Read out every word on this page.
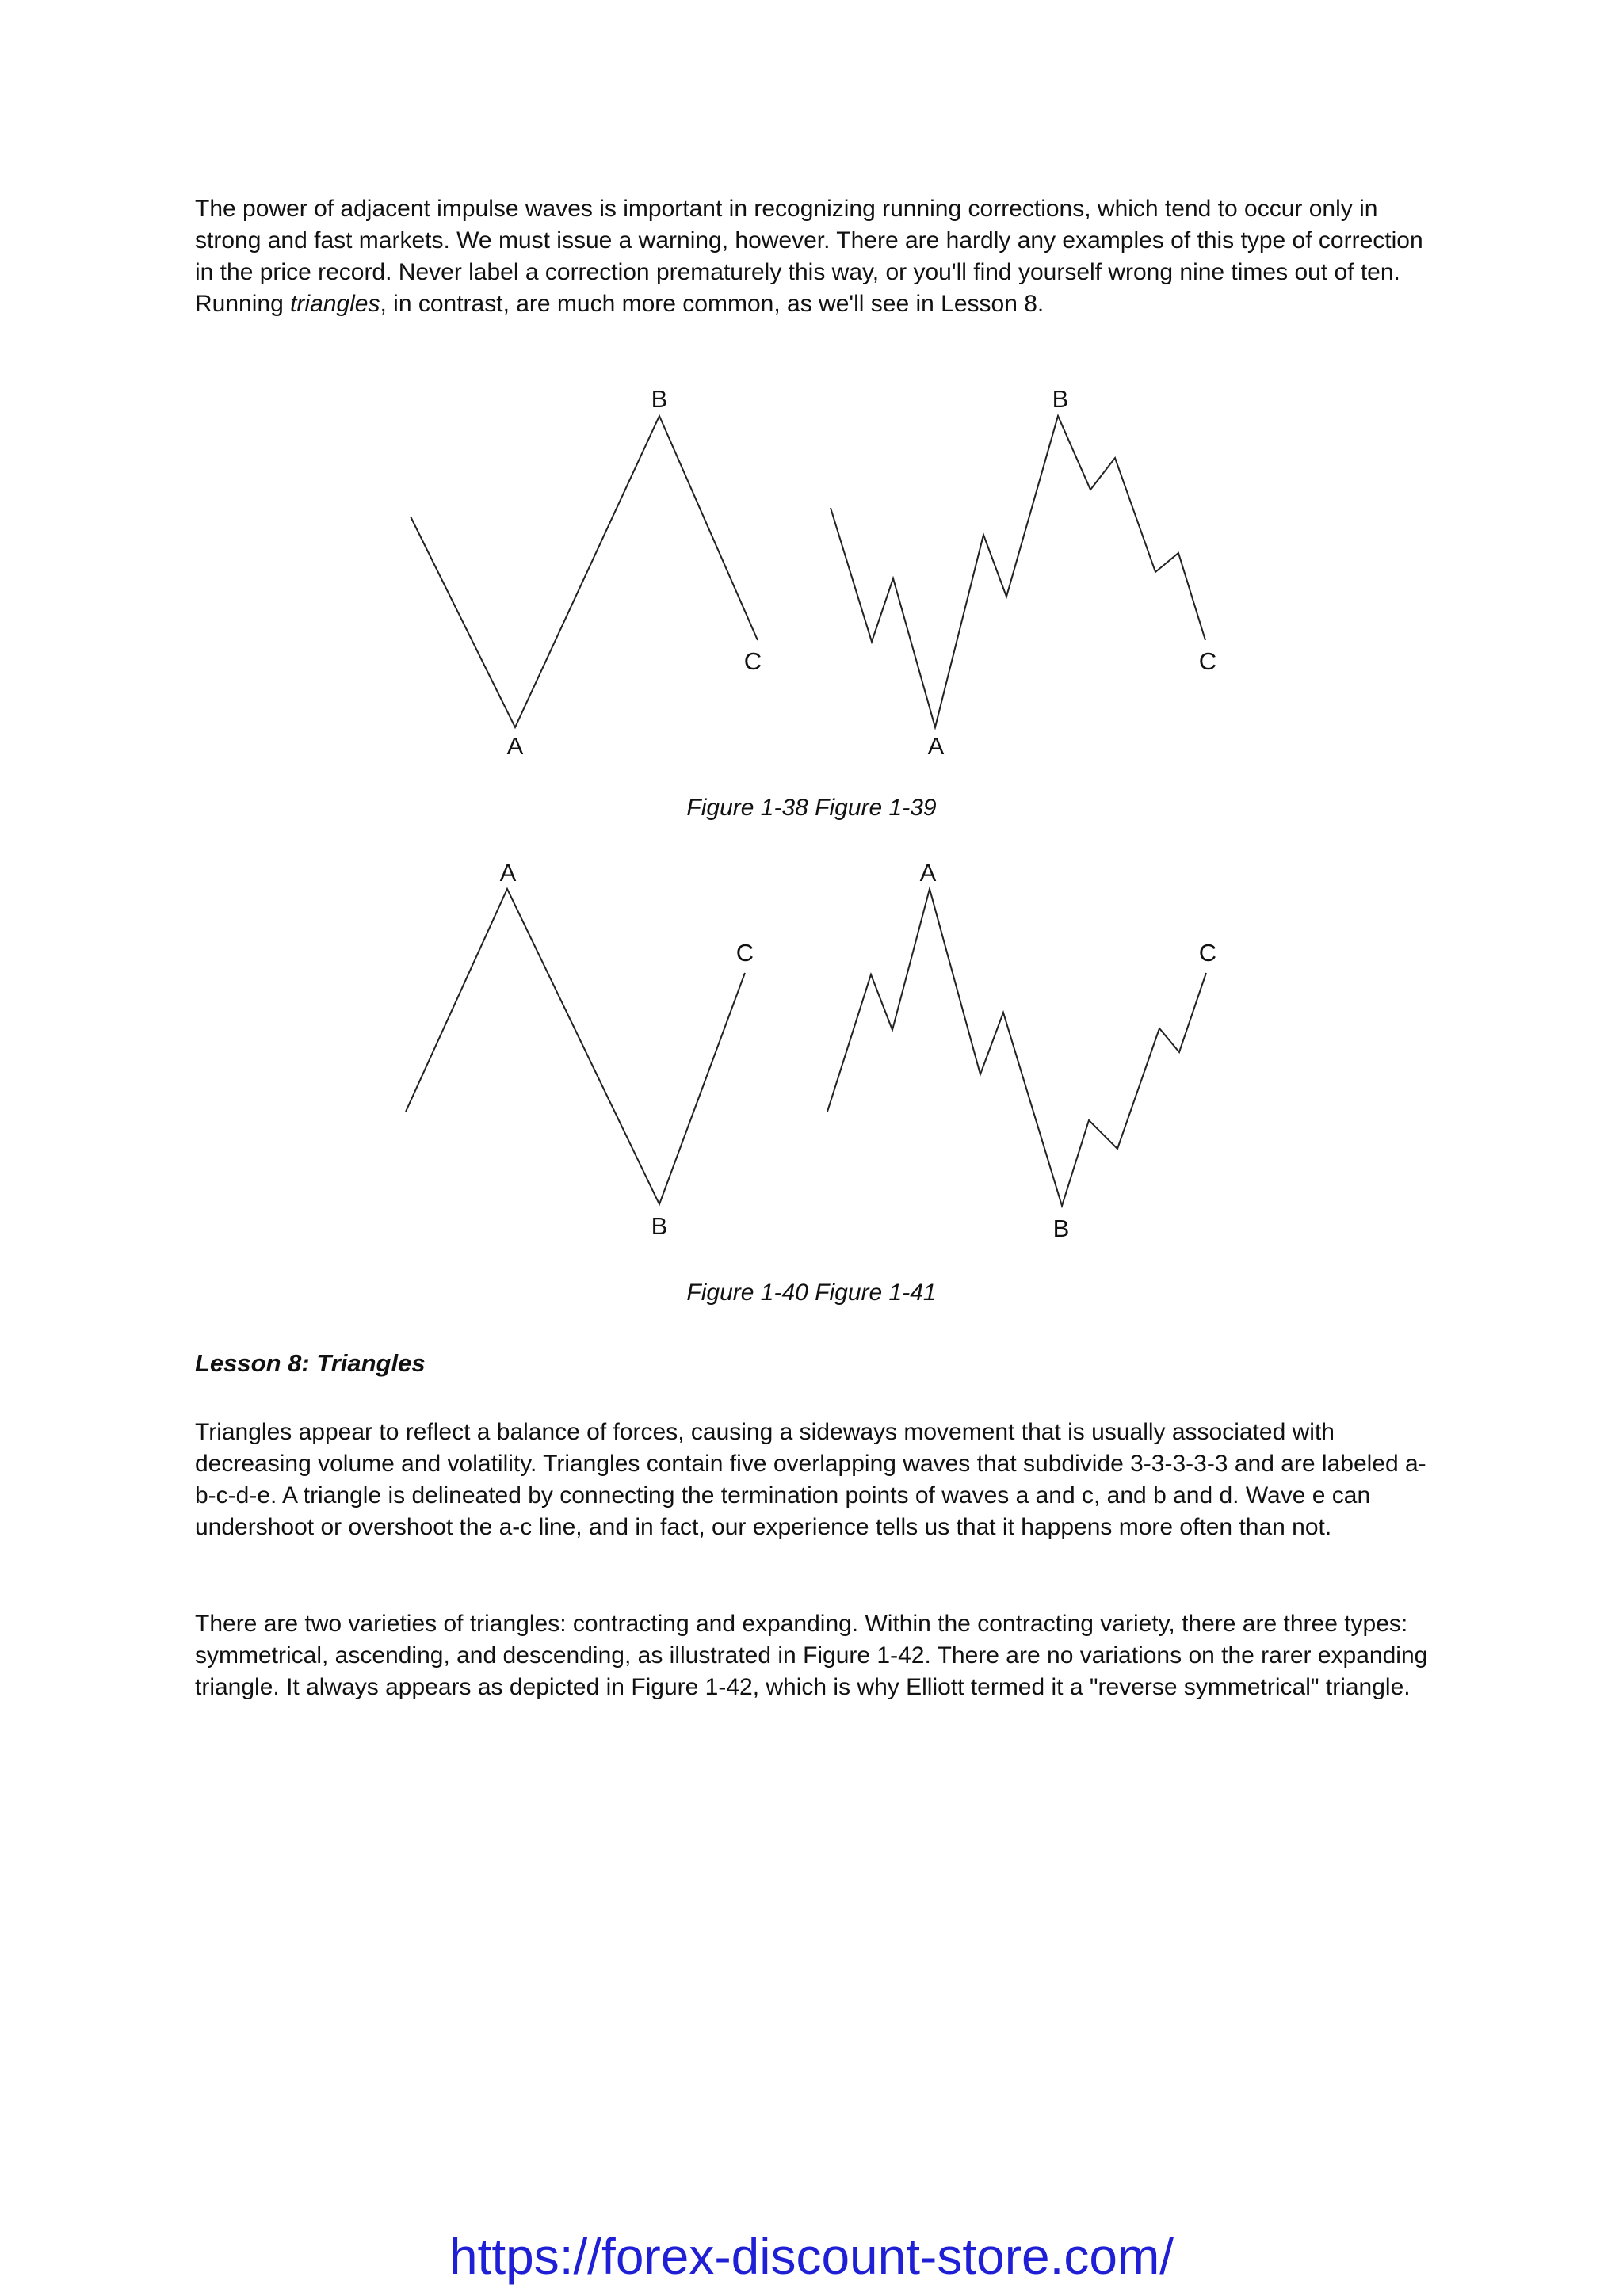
The power of adjacent impulse waves is important in recognizing running corrections, which tend to occur only in strong and fast markets. We must issue a warning, however. There are hardly any examples of this type of correction in the price record. Never label a correction prematurely this way, or you'll find yourself wrong nine times out of ten. Running triangles, in contrast, are much more common, as we'll see in Lesson 8.

B
A
C
B
A
C
A
B
C
A
B
C

Figure 1-38 Figure 1-39

Figure 1-40 Figure 1-41

Lesson 8: Triangles

Triangles appear to reflect a balance of forces, causing a sideways movement that is usually associated with decreasing volume and volatility. Triangles contain five overlapping waves that subdivide 3-3-3-3-3 and are labeled a-b-c-d-e. A triangle is delineated by connecting the termination points of waves a and c, and b and d. Wave e can undershoot or overshoot the a-c line, and in fact, our experience tells us that it happens more often than not.

There are two varieties of triangles: contracting and expanding. Within the contracting variety, there are three types: symmetrical, ascending, and descending, as illustrated in Figure 1-42. There are no variations on the rarer expanding triangle. It always appears as depicted in Figure 1-42, which is why Elliott termed it a "reverse symmetrical" triangle.

https://forex-discount-store.com/
